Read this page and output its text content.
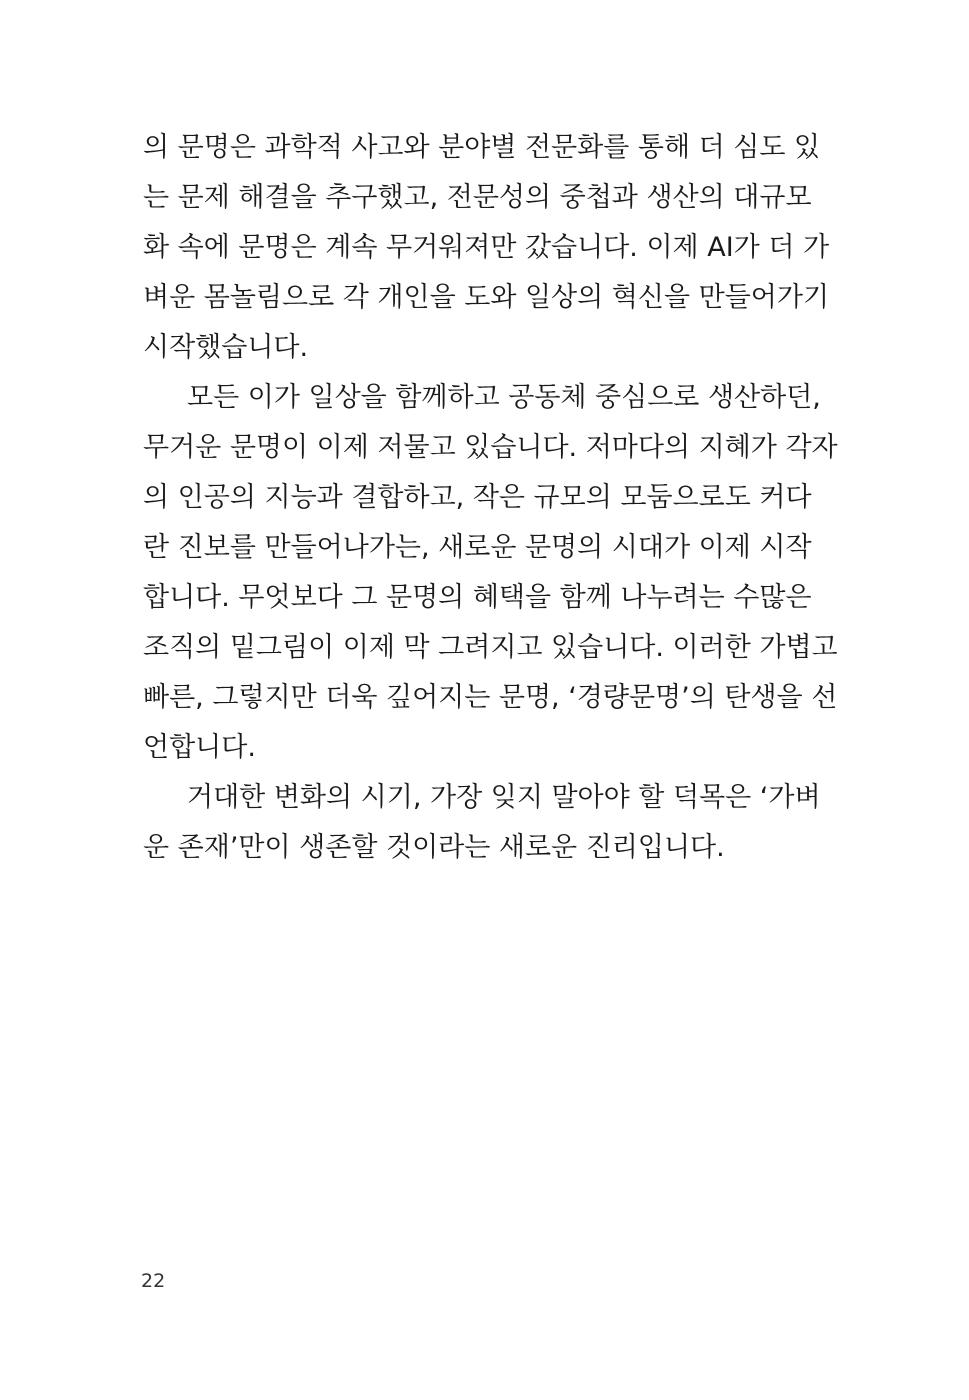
의 문명은 과학적 사고와 분야별 전문화를 통해 더 심도 있
는 문제 해결을 추구했고, 전문성의 중첩과 생산의 대규모
화 속에 문명은 계속 무거워져만 갔습니다. 이제 AI가 더 가
벼운 몸놀림으로 각 개인을 도와 일상의 혁신을 만들어가기
시작했습니다.
모든 이가 일상을 함께하고 공동체 중심으로 생산하던,
무거운 문명이 이제 저물고 있습니다. 저마다의 지혜가 각자
의 인공의 지능과 결합하고, 작은 규모의 모둠으로도 커다
란 진보를 만들어나가는, 새로운 문명의 시대가 이제 시작
합니다. 무엇보다 그 문명의 혜택을 함께 나누려는 수많은
조직의 밑그림이 이제 막 그려지고 있습니다. 이러한 가볍고
빠른, 그렇지만 더욱 깊어지는 문명, ‘경량문명’의 탄생을 선
언합니다.
거대한 변화의 시기, 가장 잊지 말아야 할 덕목은 ‘가벼
운 존재’만이 생존할 것이라는 새로운 진리입니다.
22
